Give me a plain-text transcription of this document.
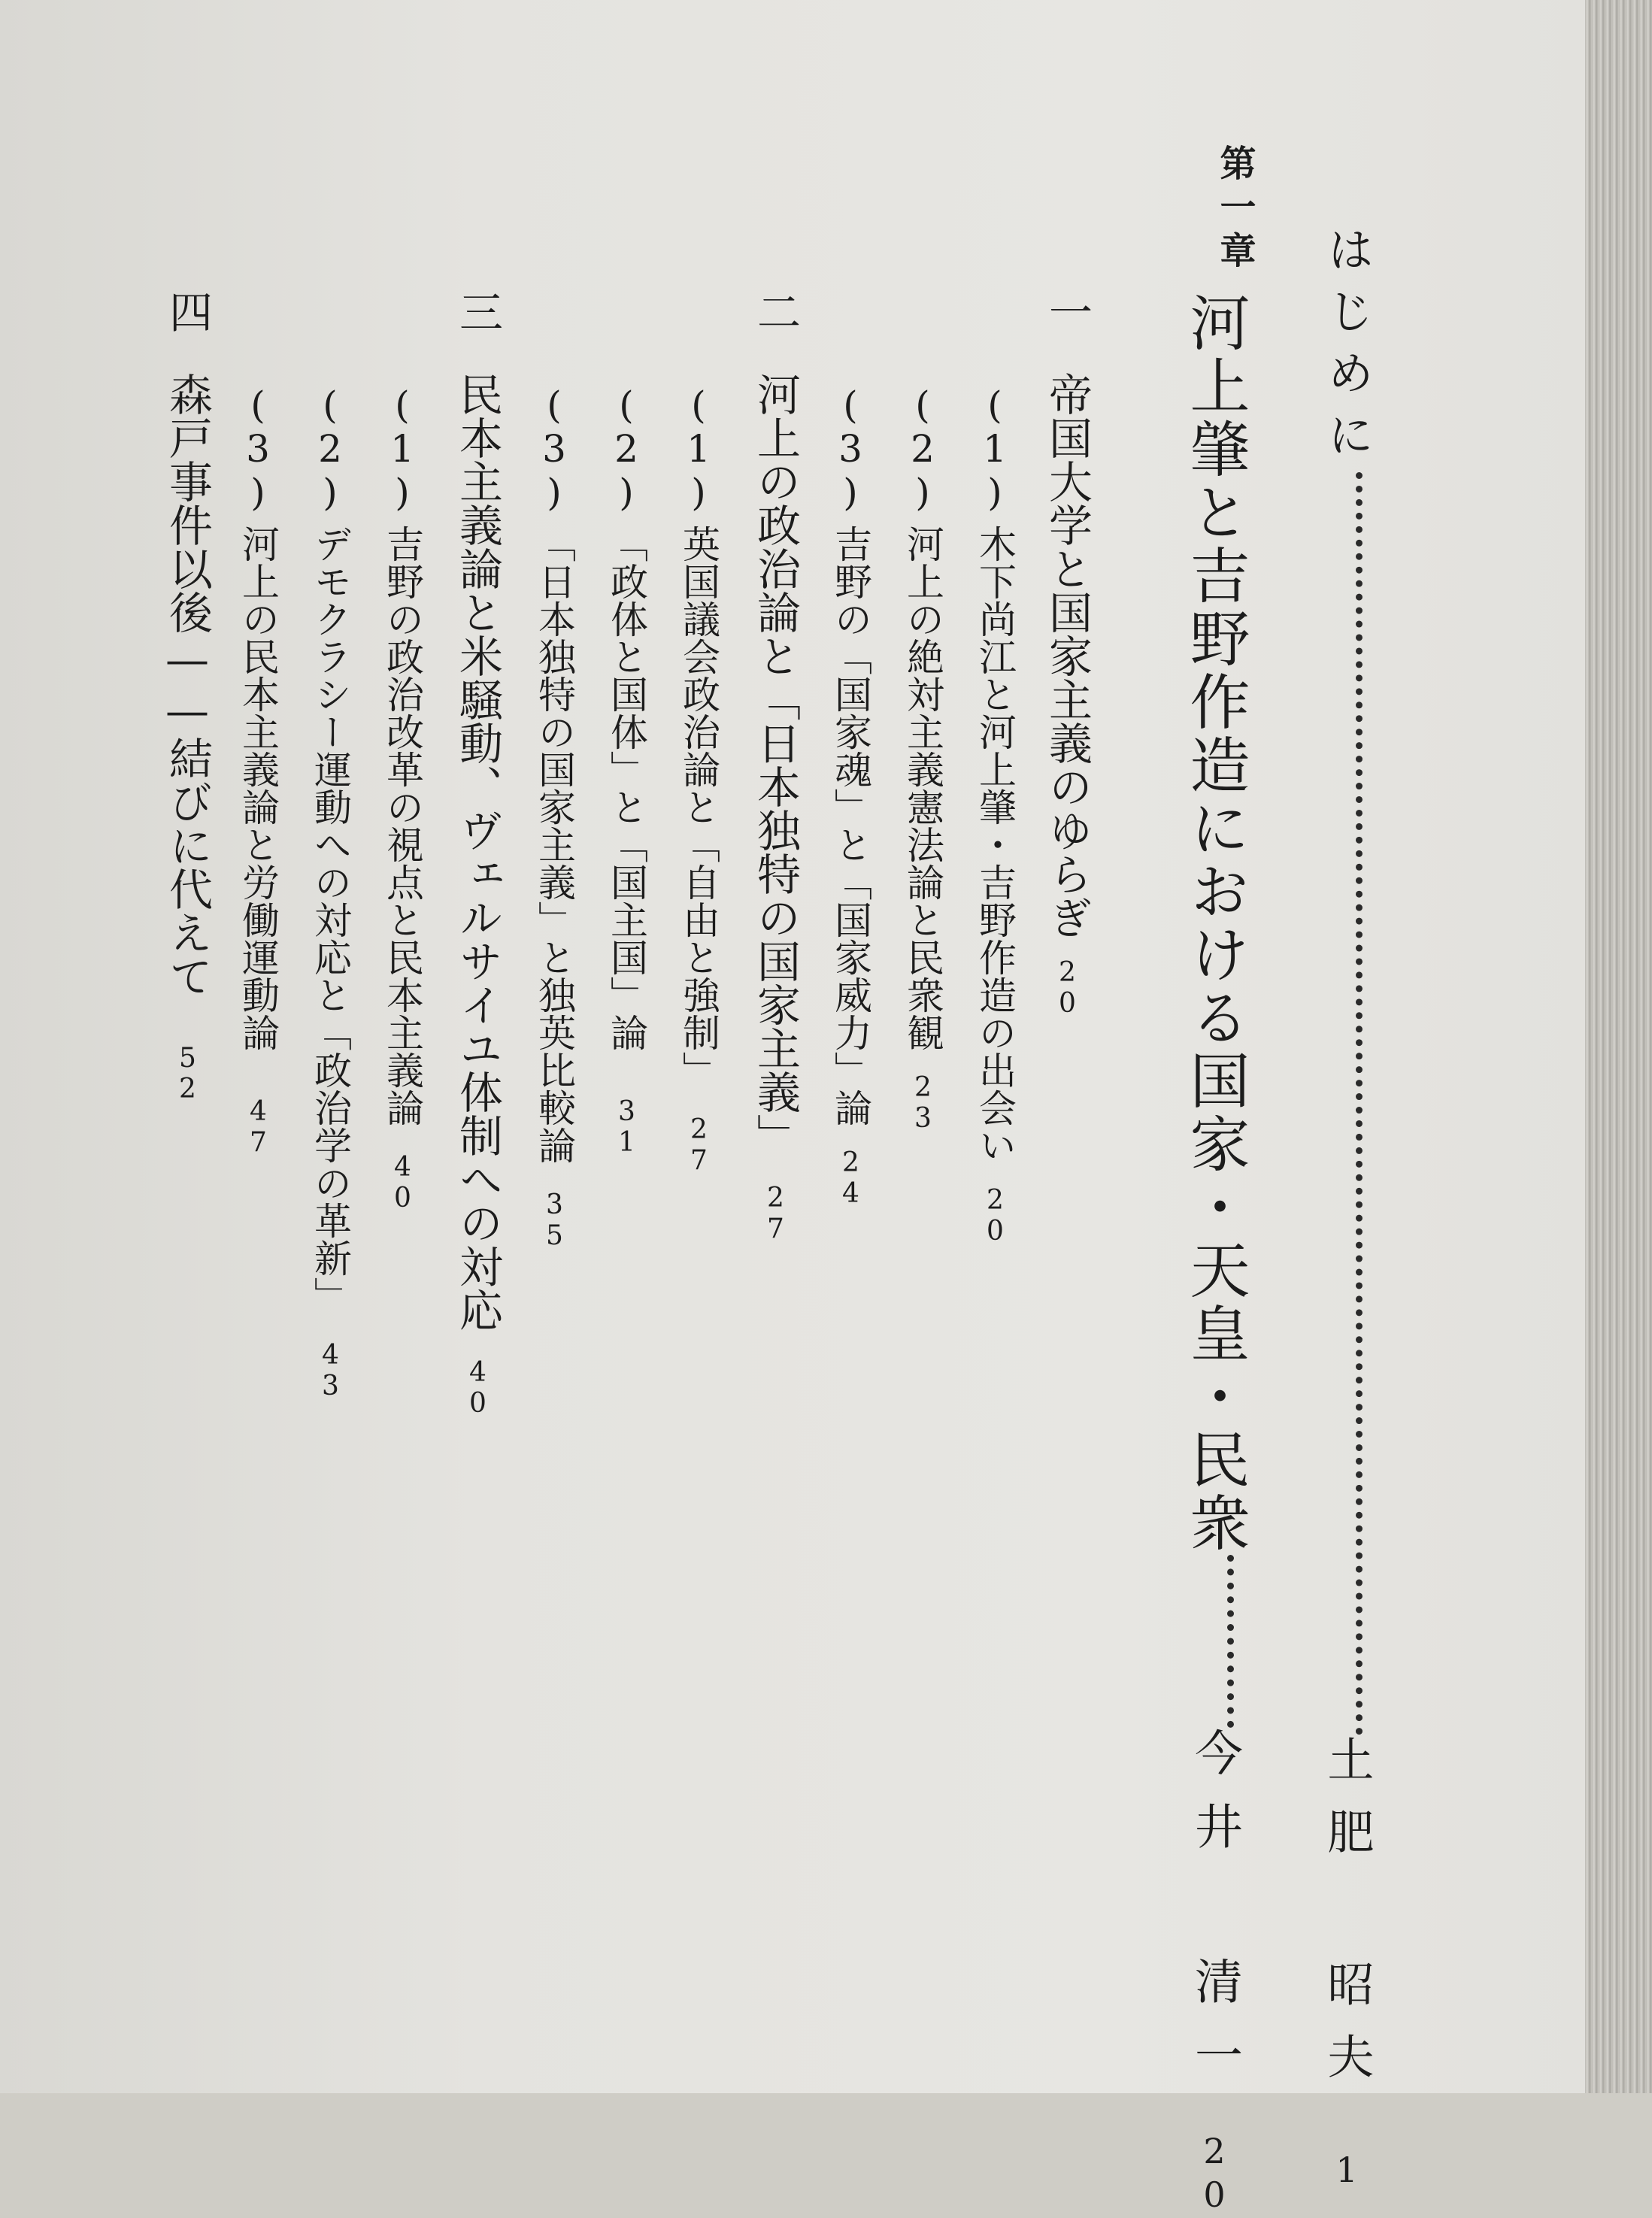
はじめに土肥 昭夫1
第一章
河上肇と吉野作造における国家・天皇・民衆今井 清一20
一帝国大学と国家主義のゆらぎ20
(1)木下尚江と河上肇・吉野作造の出会い20
(2)河上の絶対主義憲法論と民衆観23
(3)吉野の「国家魂」と「国家威力」論24
二河上の政治論と「日本独特の国家主義」27
(1)英国議会政治論と「自由と強制」27
(2)「政体と国体」と「国主国」論31
(3)「日本独特の国家主義」と独英比較論35
三民本主義論と米騒動、ヴェルサイユ体制への対応40
(1)吉野の政治改革の視点と民本主義論40
(2)デモクラシー運動への対応と「政治学の革新」43
(3)河上の民本主義論と労働運動論47
四森戸事件以後——結びに代えて52
